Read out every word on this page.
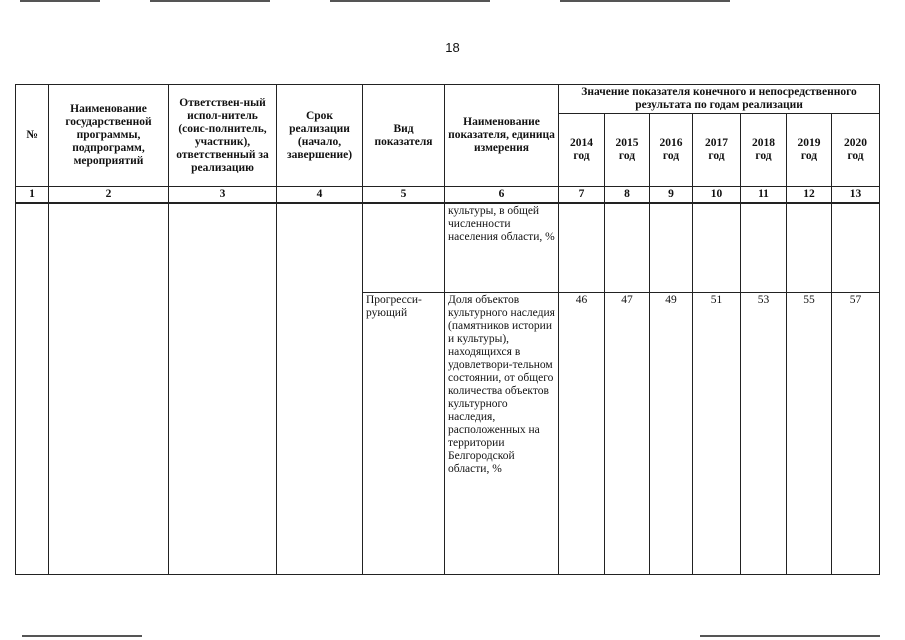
18
№	Наименование государственной программы, подпрограмм, мероприятий	Ответствен-ный испол-нитель (соис-полнитель, участник), ответственный за реализацию	Срок реализации (начало, завершение)	Вид показателя	Наименование показателя, единица измерения	Значение показателя конечного и непосредственного результата по годам реализации						
						2014 год	2015 год	2016 год	2017 год	2018 год	2019 год	2020 год
1	2	3	4	5	6	7	8	9	10	11	12	13
					культуры, в общей численности населения области, %							
				Прогресси-рующий	Доля объектов культурного наследия (памятников истории и культуры), находящихся в удовлетвори-тельном состоянии, от общего количества объектов культурного наследия, расположенных на территории Белгородской области, %	46	47	49	51	53	55	57
